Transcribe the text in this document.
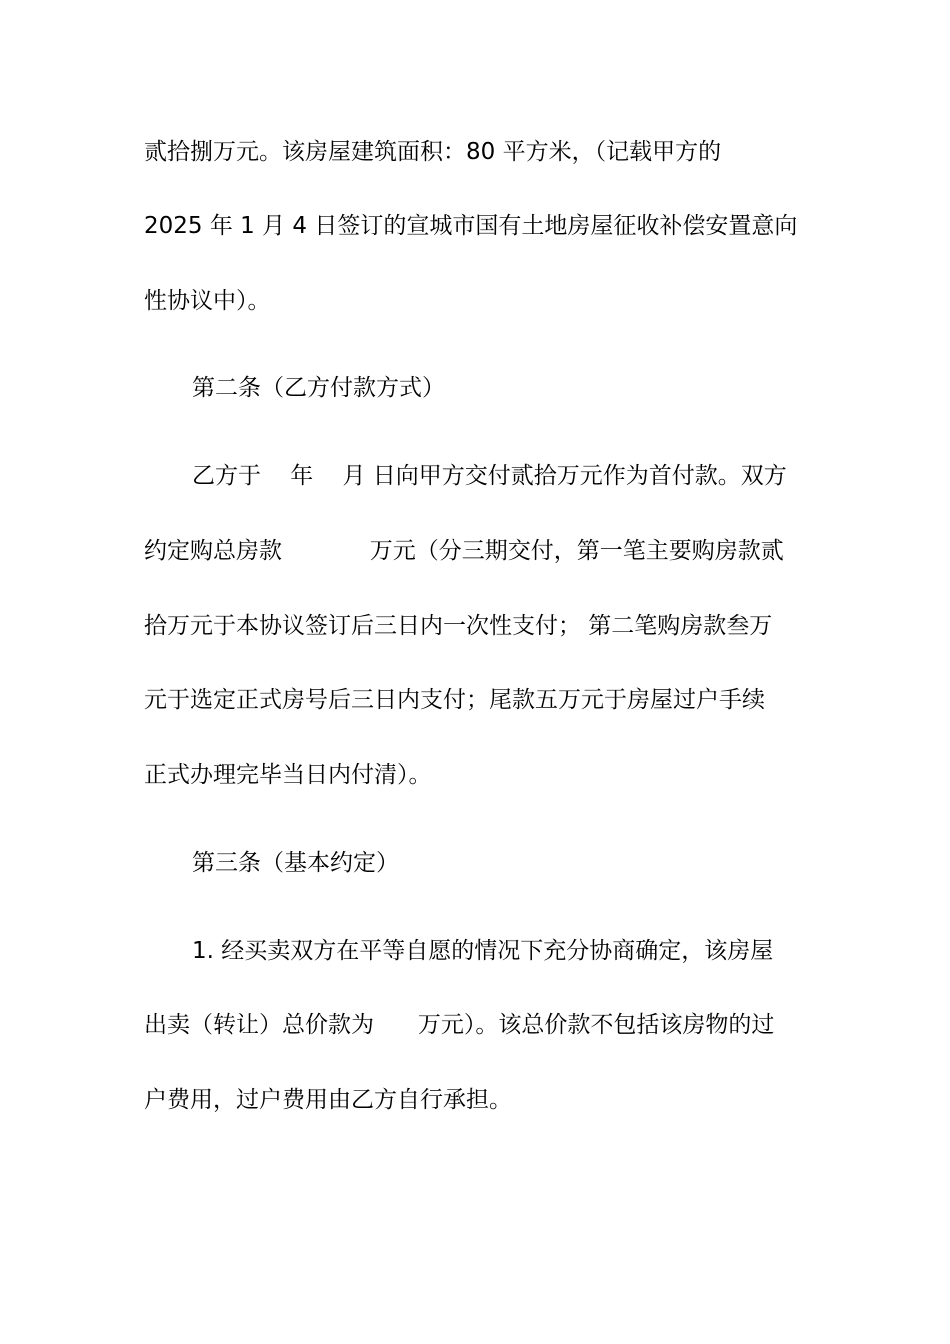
贰拾捌万元。该房屋建筑面积：80 平方米，（记载甲方的
2025 年 1 月 4 日签订的宣城市国有土地房屋征收补偿安置意向
性协议中）。
第二条（乙方付款方式）
乙方于    年    月 日向甲方交付贰拾万元作为首付款。双方
约定购总房款            万元（分三期交付，第一笔主要购房款贰
拾万元于本协议签订后三日内一次性支付； 第二笔购房款叁万
元于选定正式房号后三日内支付；尾款五万元于房屋过户手续
正式办理完毕当日内付清）。
第三条（基本约定）
1. 经买卖双方在平等自愿的情况下充分协商确定，该房屋
出卖（转让）总价款为      万元）。该总价款不包括该房物的过
户费用，过户费用由乙方自行承担。
